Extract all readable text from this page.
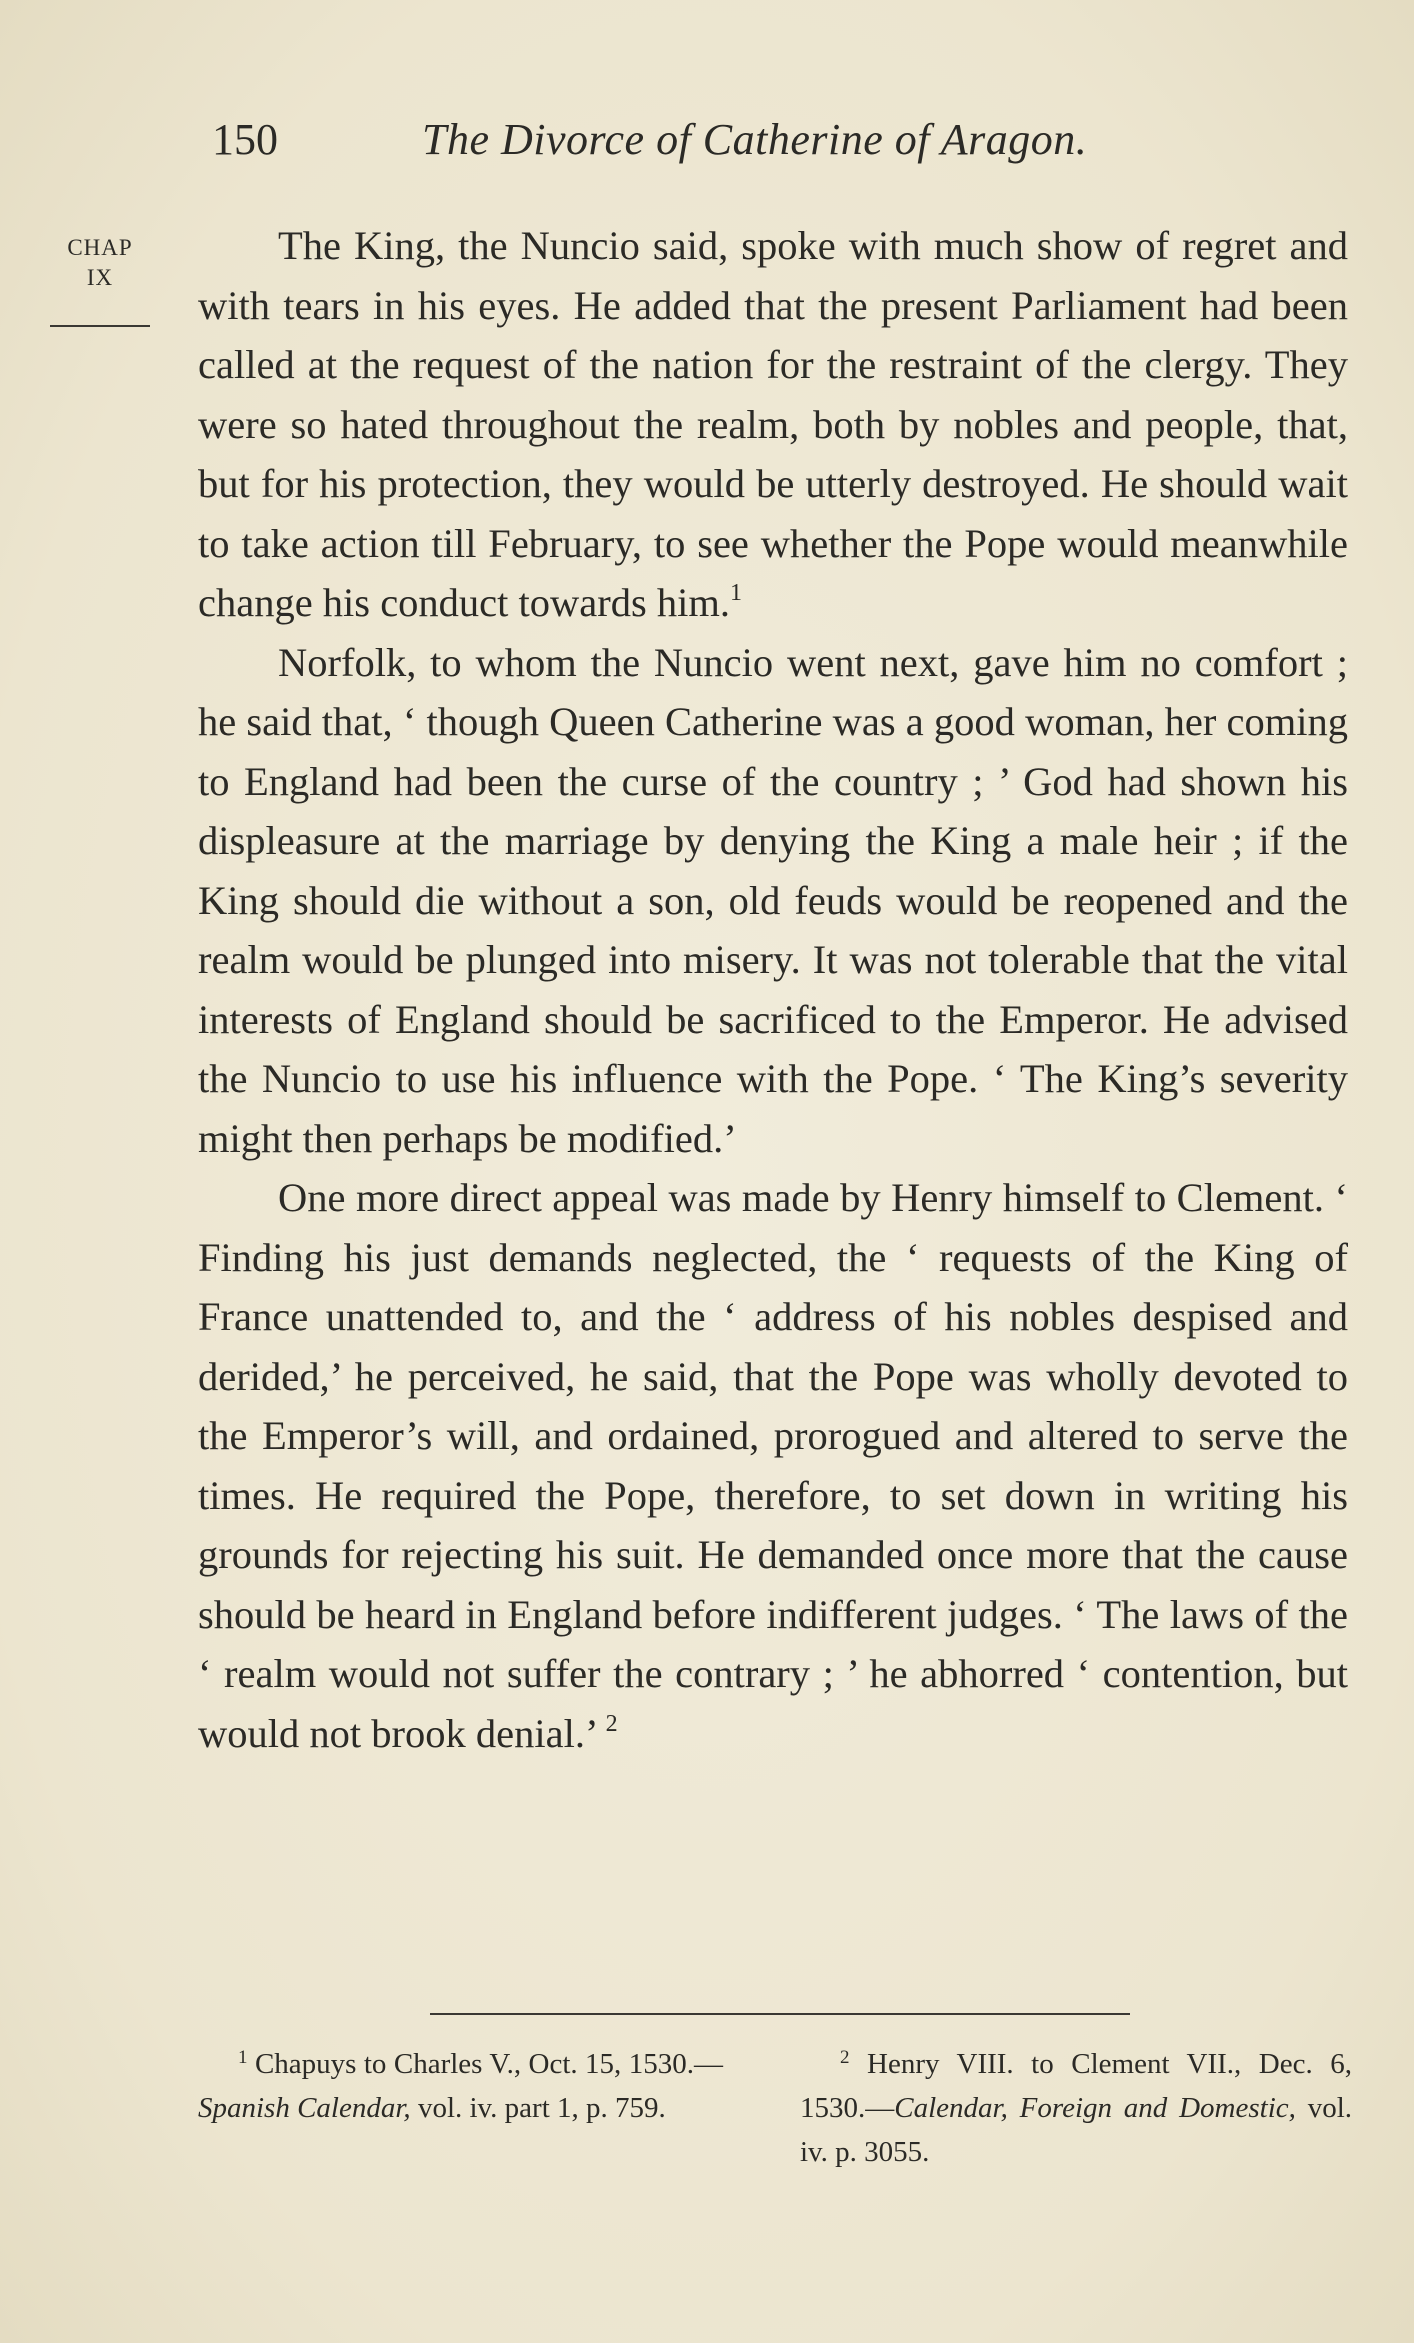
150	The Divorce of Catherine of Aragon.
CHAP
IX

The King, the Nuncio said, spoke with much show of regret and with tears in his eyes. He added that the present Parliament had been called at the request of the nation for the restraint of the clergy. They were so hated throughout the realm, both by nobles and people, that, but for his protection, they would be utterly destroyed. He should wait to take action till February, to see whether the Pope would meanwhile change his conduct towards him.$^1$

Norfolk, to whom the Nuncio went next, gave him no comfort ; he said that, ‘ though Queen Catherine was a good woman, her coming to England had been the curse of the country ; ’ God had shown his displeasure at the marriage by denying the King a male heir ; if the King should die without a son, old feuds would be reopened and the realm would be plunged into misery. It was not tolerable that the vital interests of England should be sacrificed to the Emperor. He advised the Nuncio to use his influence with the Pope. ‘ The King’s severity might then perhaps be modified.’

One more direct appeal was made by Henry himself to Clement. ‘ Finding his just demands neglected, the ‘ requests of the King of France unattended to, and the ‘ address of his nobles despised and derided,’ he perceived, he said, that the Pope was wholly devoted to the Emperor’s will, and ordained, prorogued and altered to serve the times. He required the Pope, therefore, to set down in writing his grounds for rejecting his suit. He demanded once more that the cause should be heard in England before indifferent judges. ‘ The laws of the ‘ realm would not suffer the contrary ; ’ he abhorred ‘ contention, but would not brook denial.’ $^2$

$^1$ Chapuys to Charles V., Oct. 15, 1530.—Spanish Calendar, vol. iv. part 1, p. 759.
$^2$ Henry VIII. to Clement VII., Dec. 6, 1530.—Calendar, Foreign and Domestic, vol. iv. p. 3055.
